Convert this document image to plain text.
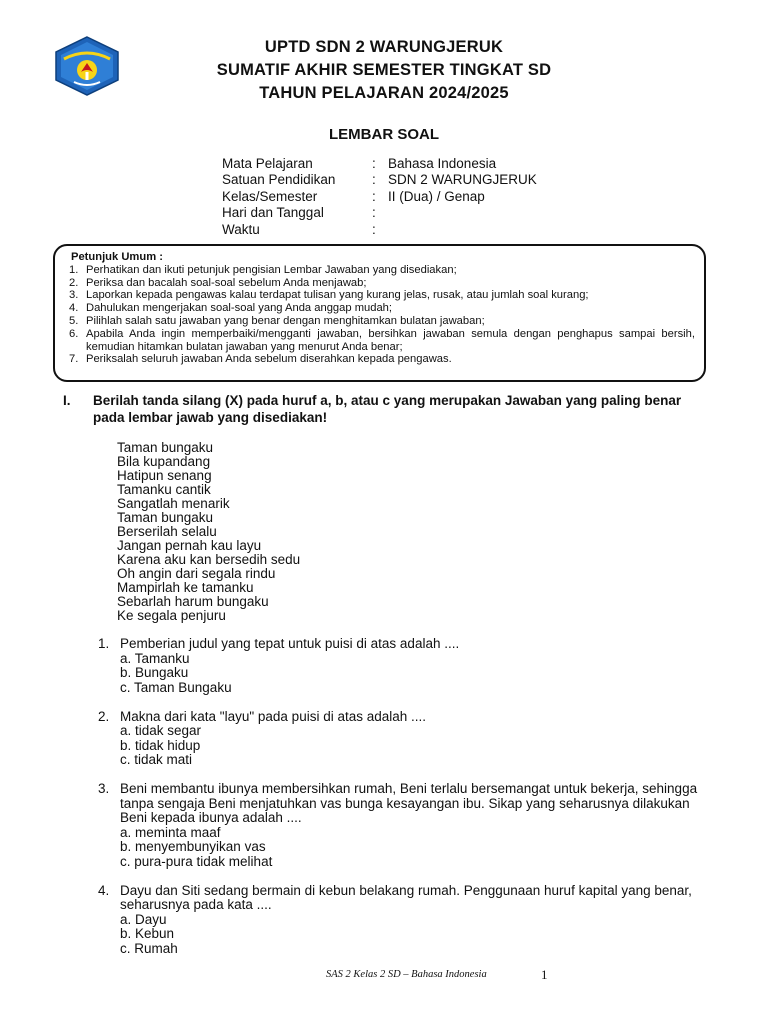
UPTD SDN 2 WARUNGJERUK
SUMATIF AKHIR SEMESTER TINGKAT SD
TAHUN PELAJARAN 2024/2025
LEMBAR SOAL
Mata Pelajaran	: Bahasa Indonesia
Satuan Pendidikan	: SDN 2 WARUNGJERUK
Kelas/Semester	: II (Dua) / Genap
Hari dan Tanggal	:
Waktu	:
Petunjuk Umum :
1. Perhatikan dan ikuti petunjuk pengisian Lembar Jawaban yang disediakan;
2. Periksa dan bacalah soal-soal sebelum Anda menjawab;
3. Laporkan kepada pengawas kalau terdapat tulisan yang kurang jelas, rusak, atau jumlah soal kurang;
4. Dahulukan mengerjakan soal-soal yang Anda anggap mudah;
5. Pilihlah salah satu jawaban yang benar dengan menghitamkan bulatan jawaban;
6. Apabila Anda ingin memperbaiki/mengganti jawaban, bersihkan jawaban semula dengan penghapus sampai bersih, kemudian hitamkan bulatan jawaban yang menurut Anda benar;
7. Periksalah seluruh jawaban Anda sebelum diserahkan kepada pengawas.
I.	Berilah tanda silang (X) pada huruf a, b, atau c yang merupakan Jawaban yang paling benar pada lembar jawab yang disediakan!
Taman bungaku
Bila kupandang
Hatipun senang
Tamanku cantik
Sangatlah menarik
Taman bungaku
Berserilah selalu
Jangan pernah kau layu
Karena aku kan bersedih sedu
Oh angin dari segala rindu
Mampirlah ke tamanku
Sebarlah harum bungaku
Ke segala penjuru
1. Pemberian judul yang tepat untuk puisi di atas adalah ....
a. Tamanku
b. Bungaku
c. Taman Bungaku
2. Makna dari kata "layu" pada puisi di atas adalah ....
a. tidak segar
b. tidak hidup
c. tidak mati
3. Beni membantu ibunya membersihkan rumah, Beni terlalu bersemangat untuk bekerja, sehingga tanpa sengaja Beni menjatuhkan vas bunga kesayangan ibu. Sikap yang seharusnya dilakukan Beni kepada ibunya adalah ....
a. meminta maaf
b. menyembunyikan vas
c. pura-pura tidak melihat
4. Dayu dan Siti sedang bermain di kebun belakang rumah. Penggunaan huruf kapital yang benar, seharusnya pada kata ....
a. Dayu
b. Kebun
c. Rumah
SAS 2 Kelas 2 SD – Bahasa Indonesia	1
